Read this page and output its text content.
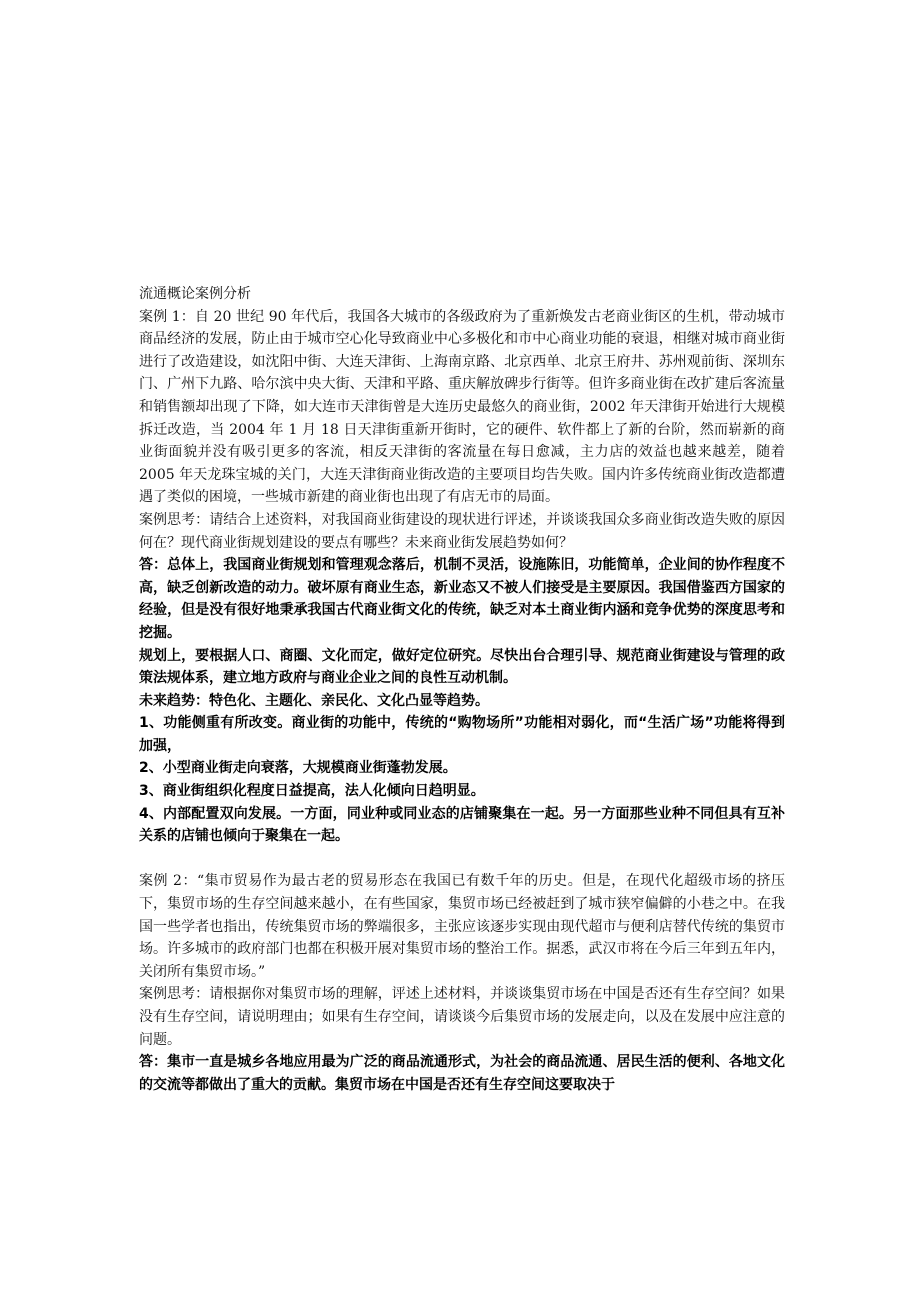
流通概论案例分析

案例 1：自 20 世纪 90 年代后，我国各大城市的各级政府为了重新焕发古老商业街区的生机，带动城市商品经济的发展，防止由于城市空心化导致商业中心多极化和市中心商业功能的衰退，相继对城市商业街进行了改造建设，如沈阳中街、大连天津街、上海南京路、北京西单、北京王府井、苏州观前街、深圳东门、广州下九路、哈尔滨中央大街、天津和平路、重庆解放碑步行街等。但许多商业街在改扩建后客流量和销售额却出现了下降，如大连市天津街曾是大连历史最悠久的商业街，2002 年天津街开始进行大规模拆迁改造，当 2004 年 1 月 18 日天津街重新开街时，它的硬件、软件都上了新的台阶，然而崭新的商业街面貌并没有吸引更多的客流，相反天津街的客流量在每日愈减，主力店的效益也越来越差，随着 2005 年天龙珠宝城的关门，大连天津街商业街改造的主要项目均告失败。国内许多传统商业街改造都遭遇了类似的困境，一些城市新建的商业街也出现了有店无市的局面。

案例思考：请结合上述资料，对我国商业街建设的现状进行评述，并谈谈我国众多商业街改造失败的原因何在？现代商业街规划建设的要点有哪些？未来商业街发展趋势如何？

答：总体上，我国商业街规划和管理观念落后，机制不灵活，设施陈旧，功能简单，企业间的协作程度不高，缺乏创新改造的动力。破坏原有商业生态，新业态又不被人们接受是主要原因。我国借鉴西方国家的经验，但是没有很好地秉承我国古代商业街文化的传统，缺乏对本土商业街内涵和竞争优势的深度思考和挖掘。

规划上，要根据人口、商圈、文化而定，做好定位研究。尽快出台合理引导、规范商业街建设与管理的政策法规体系，建立地方政府与商业企业之间的良性互动机制。

未来趋势：特色化、主题化、亲民化、文化凸显等趋势。

1、功能侧重有所改变。商业街的功能中，传统的“购物场所”功能相对弱化，而“生活广场”功能将得到加强，

2、小型商业街走向衰落，大规模商业街蓬勃发展。

3、商业街组织化程度日益提高，法人化倾向日趋明显。

4、内部配置双向发展。一方面，同业种或同业态的店铺聚集在一起。另一方面那些业种不同但具有互补关系的店铺也倾向于聚集在一起。

案例 2：“集市贸易作为最古老的贸易形态在我国已有数千年的历史。但是，在现代化超级市场的挤压下，集贸市场的生存空间越来越小，在有些国家，集贸市场已经被赶到了城市狭窄偏僻的小巷之中。在我国一些学者也指出，传统集贸市场的弊端很多，主张应该逐步实现由现代超市与便利店替代传统的集贸市场。许多城市的政府部门也都在积极开展对集贸市场的整治工作。据悉，武汉市将在今后三年到五年内，关闭所有集贸市场。”

案例思考：请根据你对集贸市场的理解，评述上述材料，并谈谈集贸市场在中国是否还有生存空间？如果没有生存空间，请说明理由；如果有生存空间，请谈谈今后集贸市场的发展走向，以及在发展中应注意的问题。

答：集市一直是城乡各地应用最为广泛的商品流通形式，为社会的商品流通、居民生活的便利、各地文化的交流等都做出了重大的贡献。集贸市场在中国是否还有生存空间这要取决于
